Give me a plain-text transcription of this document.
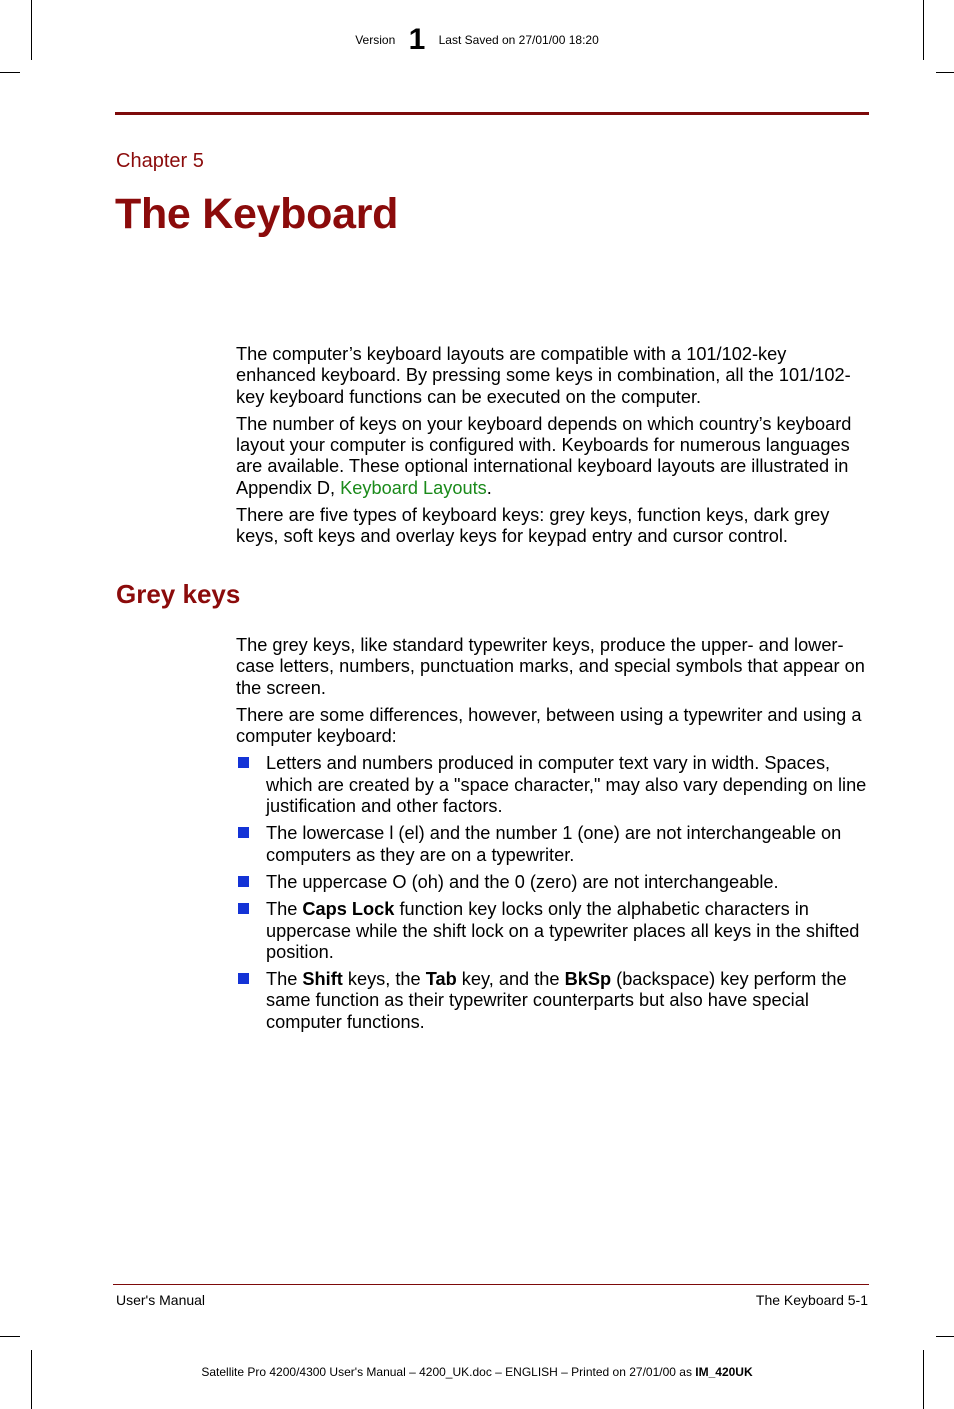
Version 1 Last Saved on 27/01/00 18:20
Chapter 5
The Keyboard

The computer’s keyboard layouts are compatible with a 101/102-key enhanced keyboard. By pressing some keys in combination, all the 101/102-key keyboard functions can be executed on the computer.

The number of keys on your keyboard depends on which country’s keyboard layout your computer is configured with. Keyboards for numerous languages are available. These optional international keyboard layouts are illustrated in Appendix D, Keyboard Layouts.

There are five types of keyboard keys: grey keys, function keys, dark grey keys, soft keys and overlay keys for keypad entry and cursor control.

Grey keys

The grey keys, like standard typewriter keys, produce the upper- and lower-case letters, numbers, punctuation marks, and special symbols that appear on the screen.

There are some differences, however, between using a typewriter and using a computer keyboard:

Letters and numbers produced in computer text vary in width. Spaces, which are created by a "space character," may also vary depending on line justification and other factors.
The lowercase l (el) and the number 1 (one) are not interchangeable on computers as they are on a typewriter.
The uppercase O (oh) and the 0 (zero) are not interchangeable.
The Caps Lock function key locks only the alphabetic characters in uppercase while the shift lock on a typewriter places all keys in the shifted position.
The Shift keys, the Tab key, and the BkSp (backspace) key perform the same function as their typewriter counterparts but also have special computer functions.
User's Manual	The Keyboard 5-1
Satellite Pro 4200/4300 User's Manual – 4200_UK.doc – ENGLISH – Printed on 27/01/00 as IM_420UK
